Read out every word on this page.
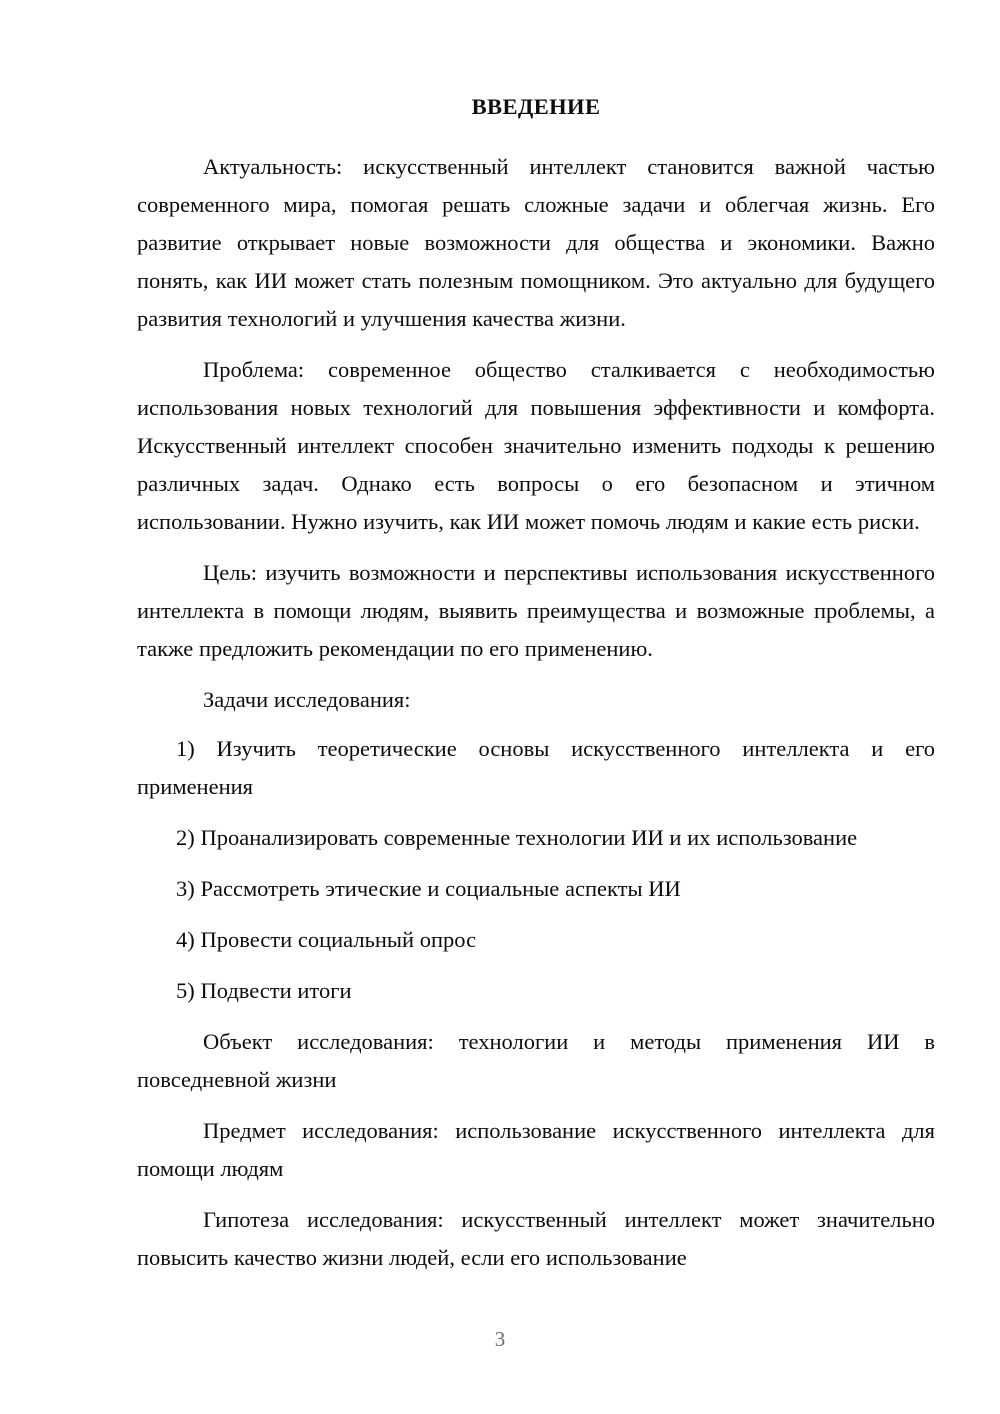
ВВЕДЕНИЕ

Актуальность: искусственный интеллект становится важной частью современного мира, помогая решать сложные задачи и облегчая жизнь. Его развитие открывает новые возможности для общества и экономики. Важно понять, как ИИ может стать полезным помощником. Это актуально для будущего развития технологий и улучшения качества жизни.

Проблема: современное общество сталкивается с необходимостью использования новых технологий для повышения эффективности и комфорта. Искусственный интеллект способен значительно изменить подходы к решению различных задач. Однако есть вопросы о его безопасном и этичном использовании. Нужно изучить, как ИИ может помочь людям и какие есть риски.

Цель: изучить возможности и перспективы использования искусственного интеллекта в помощи людям, выявить преимущества и возможные проблемы, а также предложить рекомендации по его применению.

Задачи исследования:

1) Изучить теоретические основы искусственного интеллекта и его применения

2) Проанализировать современные технологии ИИ и их использование

3) Рассмотреть этические и социальные аспекты ИИ

4) Провести социальный опрос

5) Подвести итоги

Объект исследования: технологии и методы применения ИИ в повседневной жизни

Предмет исследования: использование искусственного интеллекта для помощи людям

Гипотеза исследования: искусственный интеллект может значительно повысить качество жизни людей, если его использование

3
